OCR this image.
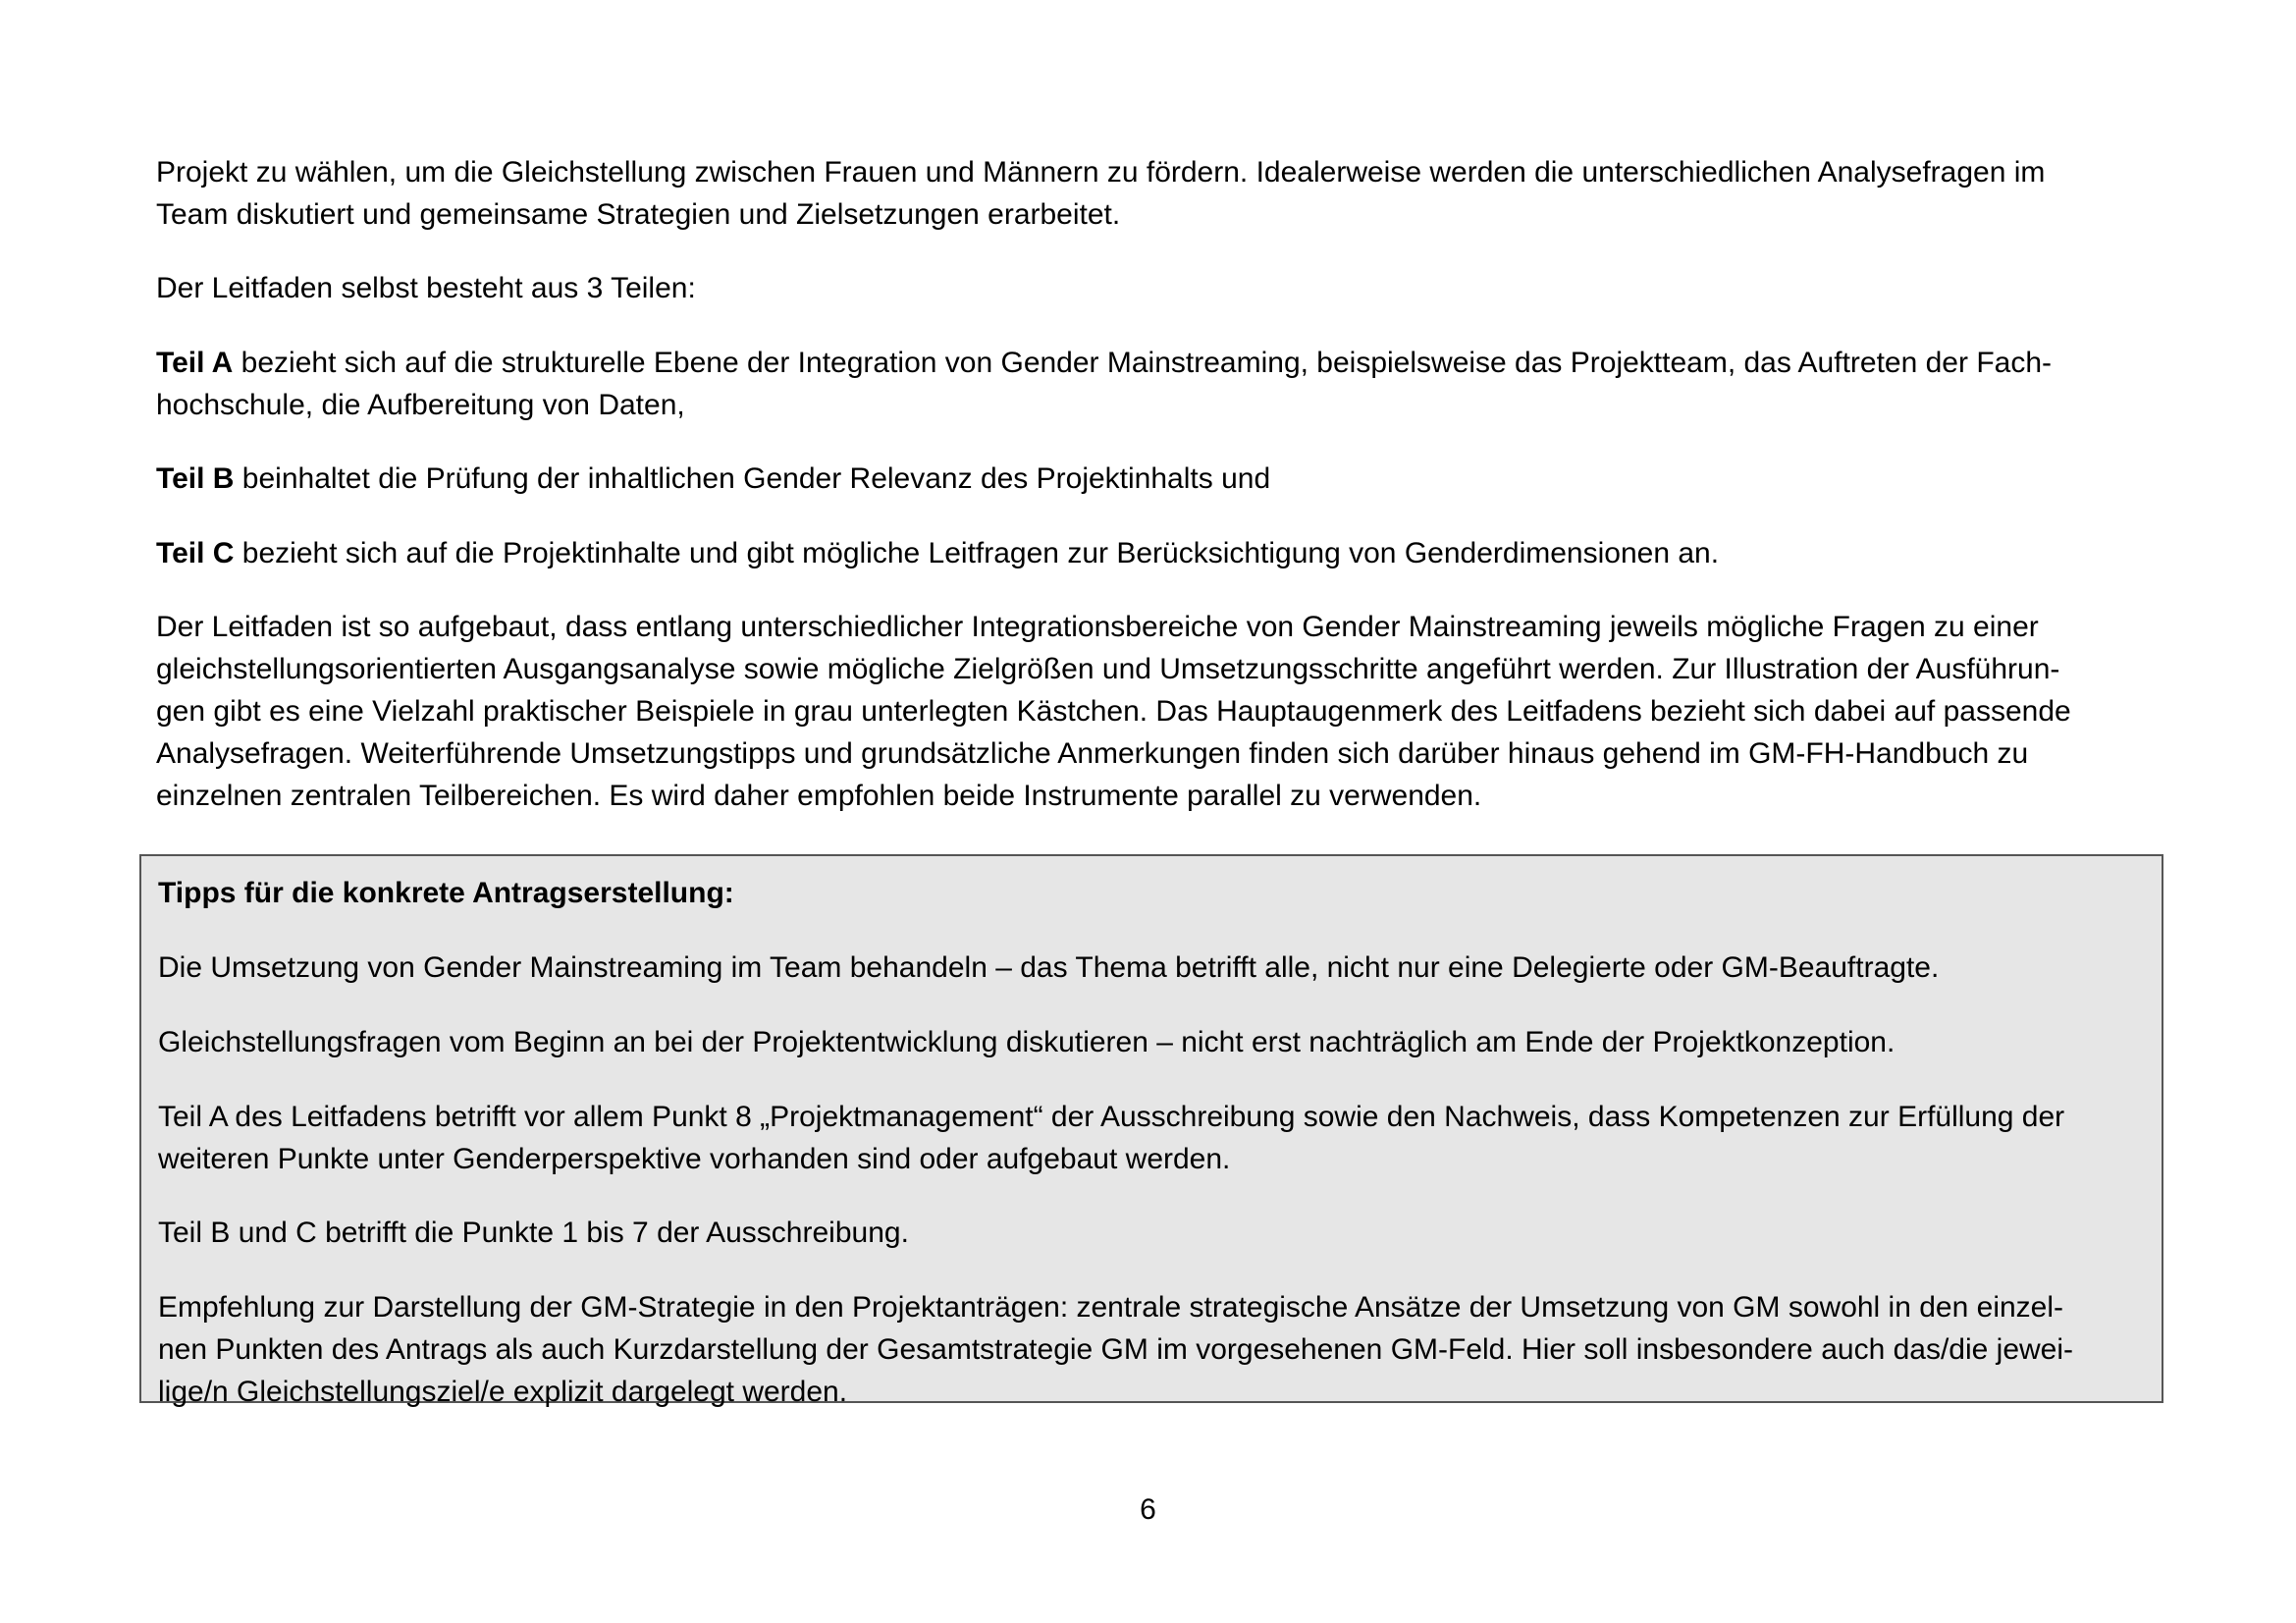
Projekt zu wählen, um die Gleichstellung zwischen Frauen und Männern zu fördern. Idealerweise werden die unterschiedlichen Analysefragen im
Team diskutiert und gemeinsame Strategien und Zielsetzungen erarbeitet.

Der Leitfaden selbst besteht aus 3 Teilen:

Teil A bezieht sich auf die strukturelle Ebene der Integration von Gender Mainstreaming, beispielsweise das Projektteam, das Auftreten der Fach-
hochschule, die Aufbereitung von Daten,

Teil B beinhaltet die Prüfung der inhaltlichen Gender Relevanz des Projektinhalts und

Teil C bezieht sich auf die Projektinhalte und gibt mögliche Leitfragen zur Berücksichtigung von Genderdimensionen an.

Der Leitfaden ist so aufgebaut, dass entlang unterschiedlicher Integrationsbereiche von Gender Mainstreaming jeweils mögliche Fragen zu einer
gleichstellungsorientierten Ausgangsanalyse sowie mögliche Zielgrößen und Umsetzungsschritte angeführt werden. Zur Illustration der Ausführun-
gen gibt es eine Vielzahl praktischer Beispiele in grau unterlegten Kästchen. Das Hauptaugenmerk des Leitfadens bezieht sich dabei auf passende
Analysefragen. Weiterführende Umsetzungstipps und grundsätzliche Anmerkungen finden sich darüber hinaus gehend im GM-FH-Handbuch zu
einzelnen zentralen Teilbereichen. Es wird daher empfohlen beide Instrumente parallel zu verwenden.

Tipps für die konkrete Antragserstellung:

Die Umsetzung von Gender Mainstreaming im Team behandeln – das Thema betrifft alle, nicht nur eine Delegierte oder GM-Beauftragte.

Gleichstellungsfragen vom Beginn an bei der Projektentwicklung diskutieren – nicht erst nachträglich am Ende der Projektkonzeption.

Teil A des Leitfadens betrifft vor allem Punkt 8 „Projektmanagement“ der Ausschreibung sowie den Nachweis, dass Kompetenzen zur Erfüllung der
weiteren Punkte unter Genderperspektive vorhanden sind oder aufgebaut werden.

Teil B und C betrifft die Punkte 1 bis 7 der Ausschreibung.

Empfehlung zur Darstellung der GM-Strategie in den Projektanträgen: zentrale strategische Ansätze der Umsetzung von GM sowohl in den einzel-
nen Punkten des Antrags als auch Kurzdarstellung der Gesamtstrategie GM im vorgesehenen GM-Feld. Hier soll insbesondere auch das/die jewei-
lige/n Gleichstellungsziel/e explizit dargelegt werden.

6
